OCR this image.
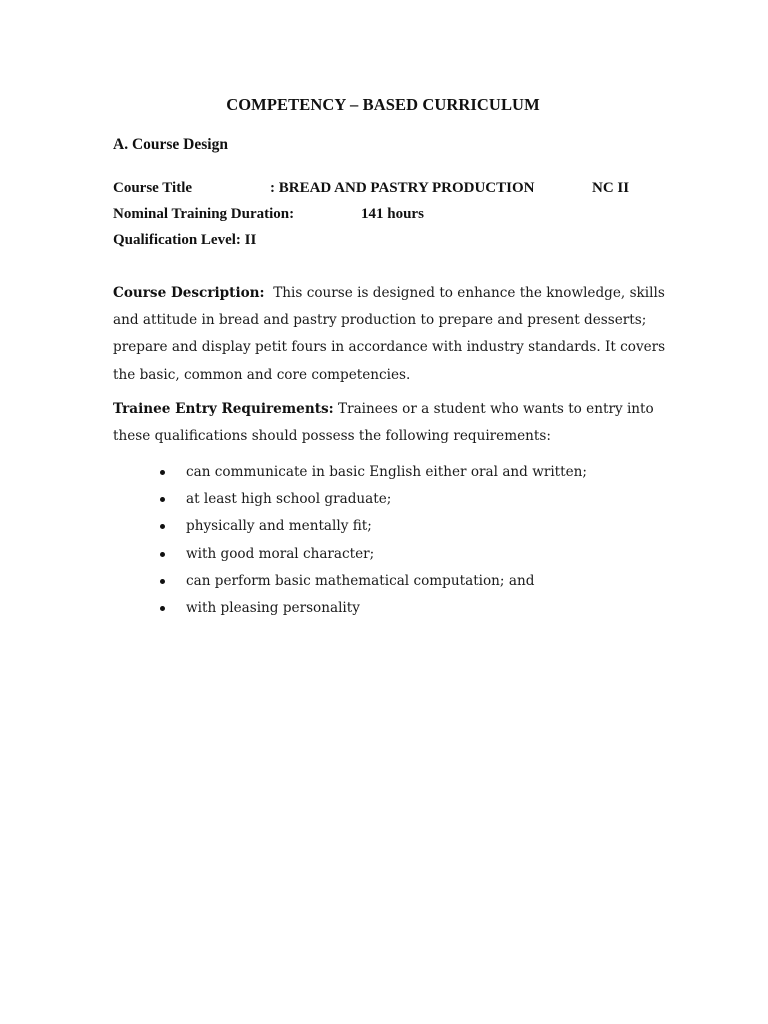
COMPETENCY – BASED CURRICULUM
A. Course Design
Course Title	: BREAD AND PASTRY PRODUCTION	NC II
Nominal Training Duration:	141 hours
Qualification Level: II
Course Description: This course is designed to enhance the knowledge, skills and attitude in bread and pastry production to prepare and present desserts; prepare and display petit fours in accordance with industry standards. It covers the basic, common and core competencies.
Trainee Entry Requirements: Trainees or a student who wants to entry into these qualifications should possess the following requirements:
can communicate in basic English either oral and written;
at least high school graduate;
physically and mentally fit;
with good moral character;
can perform basic mathematical computation; and
with pleasing personality
